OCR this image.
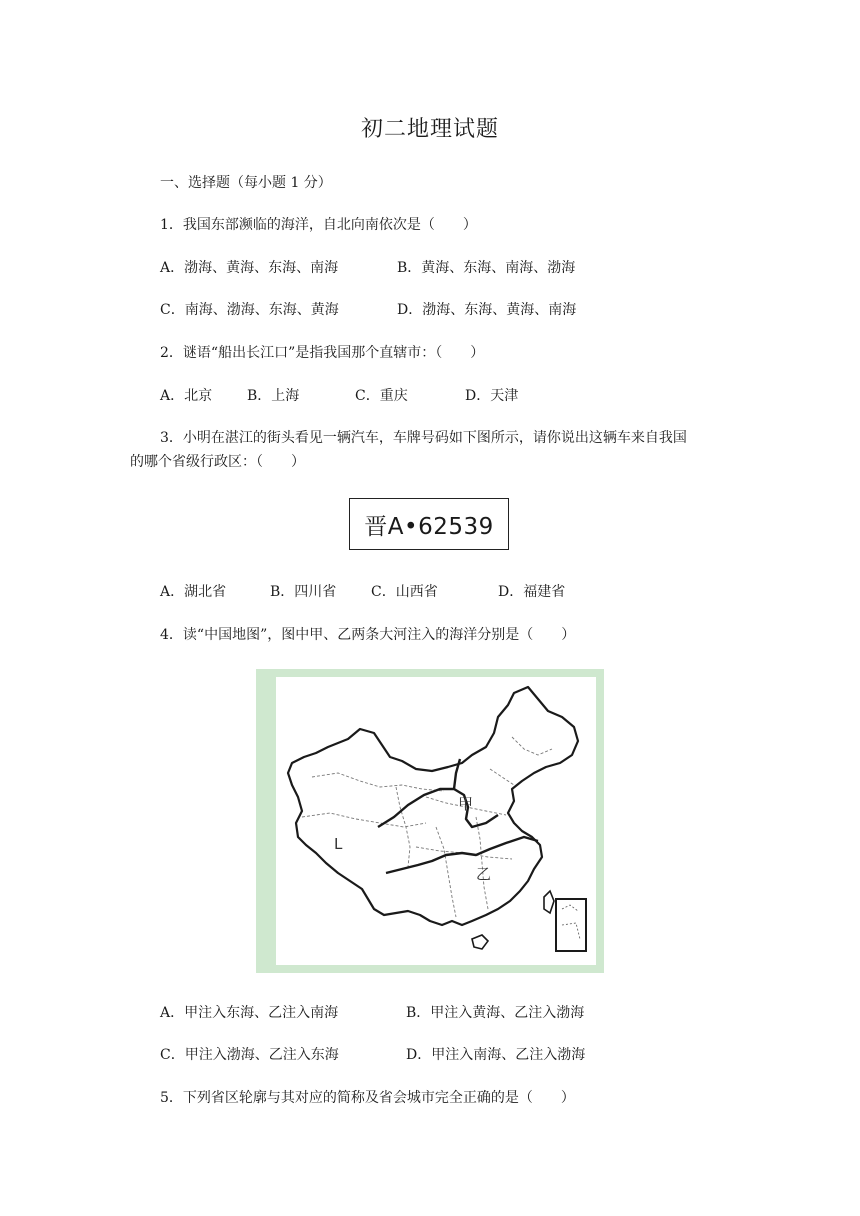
初二地理试题
一、选择题（每小题 1 分）
1．我国东部濒临的海洋，自北向南依次是（　　）
A．渤海、黄海、东海、南海	B．黄海、东海、南海、渤海
C．南海、渤海、东海、黄海	D．渤海、东海、黄海、南海
2．谜语“船出长江口”是指我国那个直辖市：（　　）
A．北京 B．上海	C．重庆	D．天津
3．小明在湛江的街头看见一辆汽车，车牌号码如下图所示，请你说出这辆车来自我国
的哪个省级行政区：（　　）
晋A•62539
A．湖北省	B．四川省 C．山西省	D．福建省
4．读“中国地图”，图中甲、乙两条大河注入的海洋分别是（　　）
甲
乙
L
A．甲注入东海、乙注入南海	B．甲注入黄海、乙注入渤海
C．甲注入渤海、乙注入东海	D．甲注入南海、乙注入渤海
5．下列省区轮廓与其对应的简称及省会城市完全正确的是（　　）
